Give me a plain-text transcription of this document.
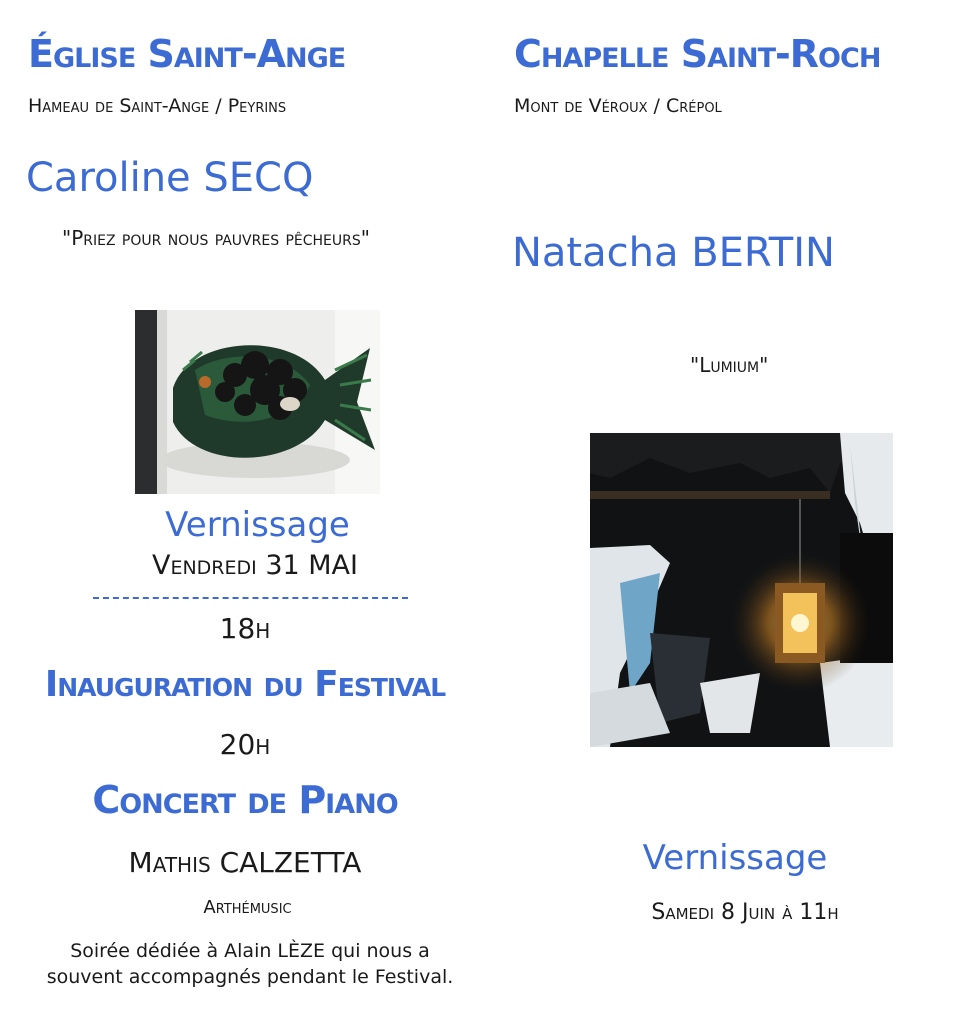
Église Saint-Ange
Hameau de Saint-Ange / Peyrins
Caroline SECQ
"Priez pour nous pauvres pêcheurs"
Vernissage
Vendredi 31 MAI
18h
Inauguration du Festival
20h
Concert de Piano
Mathis CALZETTA
Arthémusic
Soirée dédiée à Alain LÈZE qui nous a
souvent accompagnés pendant le Festival.
Chapelle Saint-Roch
Mont de Véroux / Crépol
Natacha BERTIN
"Lumium"
Vernissage
Samedi 8 Juin à 11h
